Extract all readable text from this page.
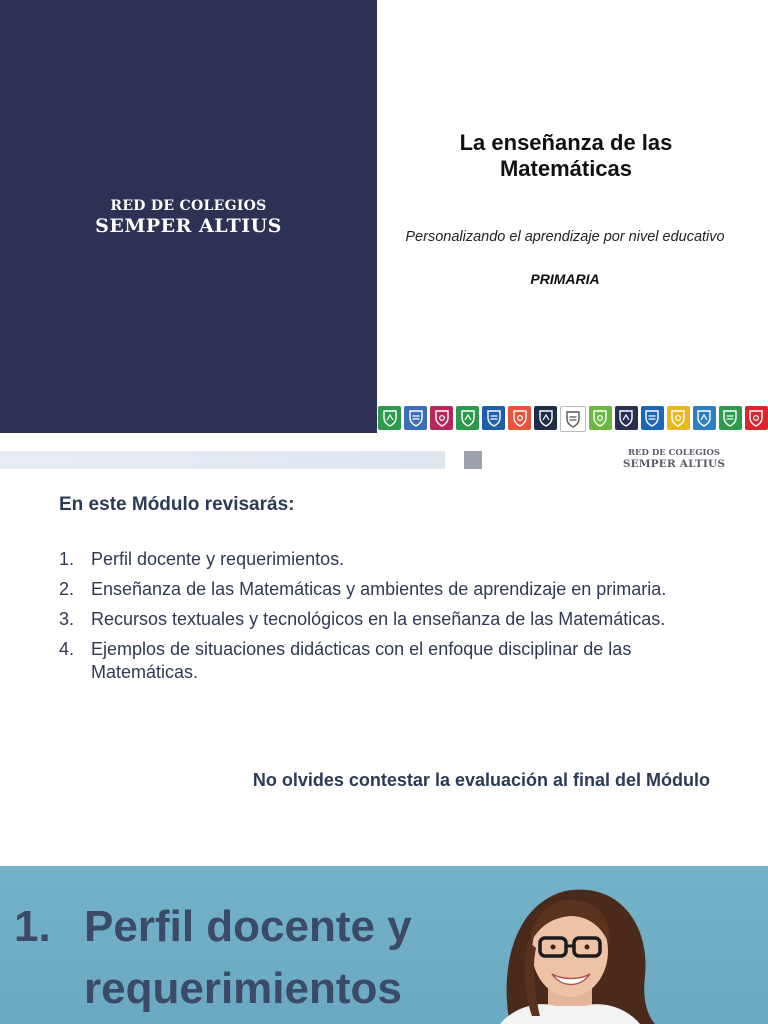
RED DE COLEGIOS
SEMPER ALTIUS
La enseñanza de las Matemáticas
Personalizando el aprendizaje por nivel educativo
PRIMARIA
RED DE COLEGIOS
SEMPER ALTIUS
En este Módulo revisarás:
1. Perfil docente y requerimientos.
2. Enseñanza de las Matemáticas y ambientes de aprendizaje en primaria.
3. Recursos textuales y tecnológicos en la enseñanza de las Matemáticas.
4. Ejemplos de situaciones didácticas con el enfoque disciplinar de las Matemáticas.
No olvides contestar la evaluación al final del Módulo
1. Perfil docente y
requerimientos
